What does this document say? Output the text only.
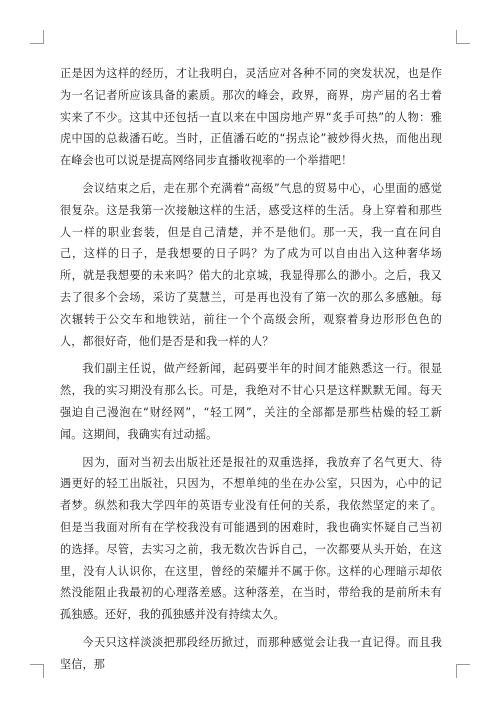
正是因为这样的经历，才让我明白，灵活应对各种不同的突发状况，也是作为一名记者所应该具备的素质。那次的峰会，政界，商界，房产届的名士着实来了不少。这其中还包括一直以来在中国房地产界“炙手可热”的人物：雅虎中国的总裁潘石屹。当时，正值潘石屹的“拐点论”被炒得火热，而他出现在峰会也可以说是提高网络同步直播收视率的一个举措吧！

会议结束之后，走在那个充满着“高级”气息的贸易中心，心里面的感觉很复杂。这是我第一次接触这样的生活，感受这样的生活。身上穿着和那些人一样的职业套装，但是自己清楚，并不是他们。那一天，我一直在问自己，这样的日子，是我想要的日子吗？为了成为可以自由出入这种奢华场所，就是我想要的未来吗？偌大的北京城，我显得那么的渺小。之后，我又去了很多个会场，采访了莫慧兰，可是再也没有了第一次的那么多感触。每次辗转于公交车和地铁站，前往一个个高级会所，观察着身边形形色色的人，都很好奇，他们是否是和我一样的人？

我们副主任说，做产经新闻，起码要半年的时间才能熟悉这一行。很显然，我的实习期没有那么长。可是，我绝对不甘心只是这样默默无闻。每天强迫自己漫泡在“财经网”，“轻工网”，关注的全部都是那些枯燥的轻工新闻。这期间，我确实有过动摇。

因为，面对当初去出版社还是报社的双重选择，我放弃了名气更大、待遇更好的轻工出版社，只因为，不想单纯的坐在办公室，只因为，心中的记者梦。纵然和我大学四年的英语专业没有任何的关系，我依然坚定的来了。但是当我面对所有在学校我没有可能遇到的困难时，我也确实怀疑自己当初的选择。尽管，去实习之前，我无数次告诉自己，一次都要从头开始，在这里，没有人认识你，在这里，曾经的荣耀并不属于你。这样的心理暗示却依然没能阻止我最初的心理落差感。这种落差，在当时，带给我的是前所未有孤独感。还好，我的孤独感并没有持续太久。

今天只这样淡淡把那段经历掀过，而那种感觉会让我一直记得。而且我坚信，那
